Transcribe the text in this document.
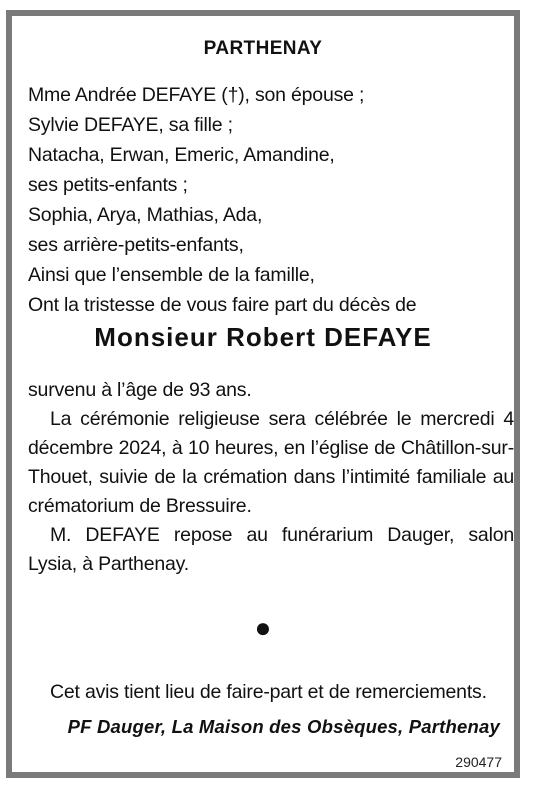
PARTHENAY
Mme Andrée DEFAYE (†), son épouse ;
Sylvie DEFAYE, sa fille ;
Natacha, Erwan, Emeric, Amandine,
ses petits-enfants ;
Sophia, Arya, Mathias, Ada,
ses arrière-petits-enfants,
Ainsi que l’ensemble de la famille,
Ont la tristesse de vous faire part du décès de
Monsieur Robert DEFAYE

survenu à l’âge de 93 ans.

La cérémonie religieuse sera célébrée le mercredi 4 décembre 2024, à 10 heures, en l’église de Châtillon-sur-Thouet, suivie de la crémation dans l’intimité familiale au crématorium de Bressuire.

M. DEFAYE repose au funérarium Dauger, salon Lysia, à Parthenay.

●

Cet avis tient lieu de faire-part et de remerciements.

PF Dauger, La Maison des Obsèques, Parthenay
290477
